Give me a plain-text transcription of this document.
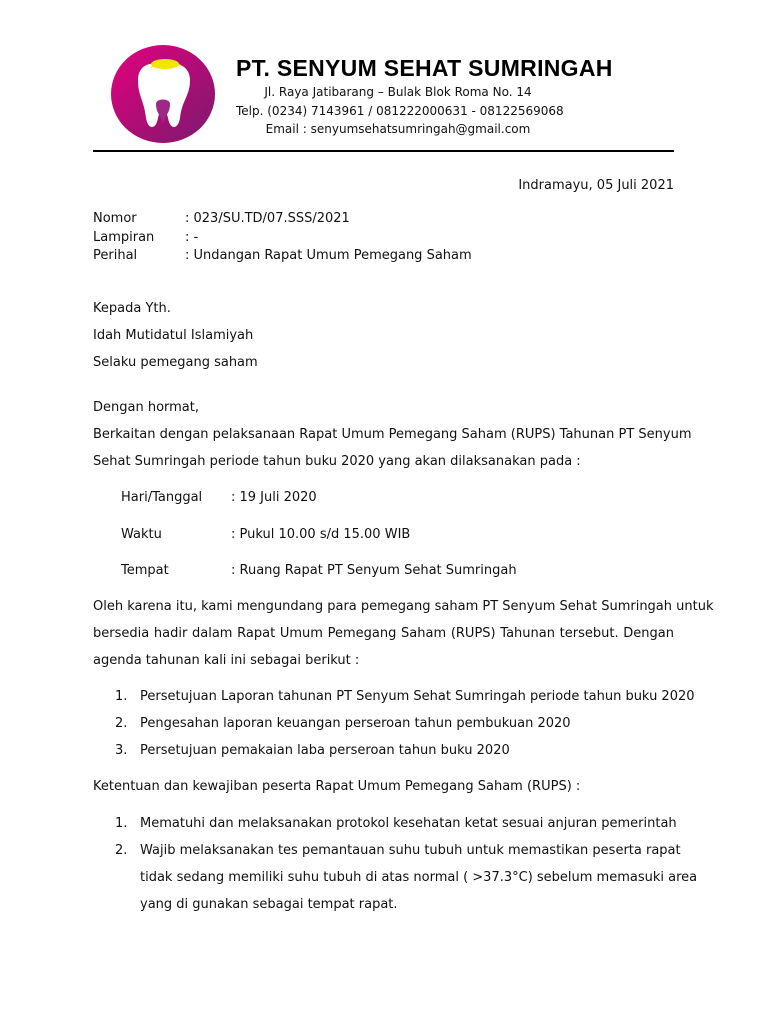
PT. SENYUM SEHAT SUMRINGAH
Jl. Raya Jatibarang – Bulak Blok Roma No. 14
Telp. (0234) 7143961 / 081222000631 - 08122569068
Email : senyumsehatsumringah@gmail.com
Indramayu, 05 Juli 2021
Nomor	: 023/SU.TD/07.SSS/2021
Lampiran : -
Perihal	: Undangan Rapat Umum Pemegang Saham
Kepada Yth.
Idah Mutidatul Islamiyah
Selaku pemegang saham
Dengan hormat,
Berkaitan dengan pelaksanaan Rapat Umum Pemegang Saham (RUPS) Tahunan PT Senyum
Sehat Sumringah periode tahun buku 2020 yang akan dilaksanakan pada :
Hari/Tanggal : 19 Juli 2020
Waktu	: Pukul 10.00 s/d 15.00 WIB
Tempat	: Ruang Rapat PT Senyum Sehat Sumringah
Oleh karena itu, kami mengundang para pemegang saham PT Senyum Sehat Sumringah untuk
bersedia hadir dalam Rapat Umum Pemegang Saham (RUPS) Tahunan tersebut. Dengan
agenda tahunan kali ini sebagai berikut :
1. Persetujuan Laporan tahunan PT Senyum Sehat Sumringah periode tahun buku 2020
2. Pengesahan laporan keuangan perseroan tahun pembukuan 2020
3. Persetujuan pemakaian laba perseroan tahun buku 2020
Ketentuan dan kewajiban peserta Rapat Umum Pemegang Saham (RUPS) :
1. Mematuhi dan melaksanakan protokol kesehatan ketat sesuai anjuran pemerintah
2. Wajib melaksanakan tes pemantauan suhu tubuh untuk memastikan peserta rapat
tidak sedang memiliki suhu tubuh di atas normal ( >37.3°C) sebelum memasuki area
yang di gunakan sebagai tempat rapat.
